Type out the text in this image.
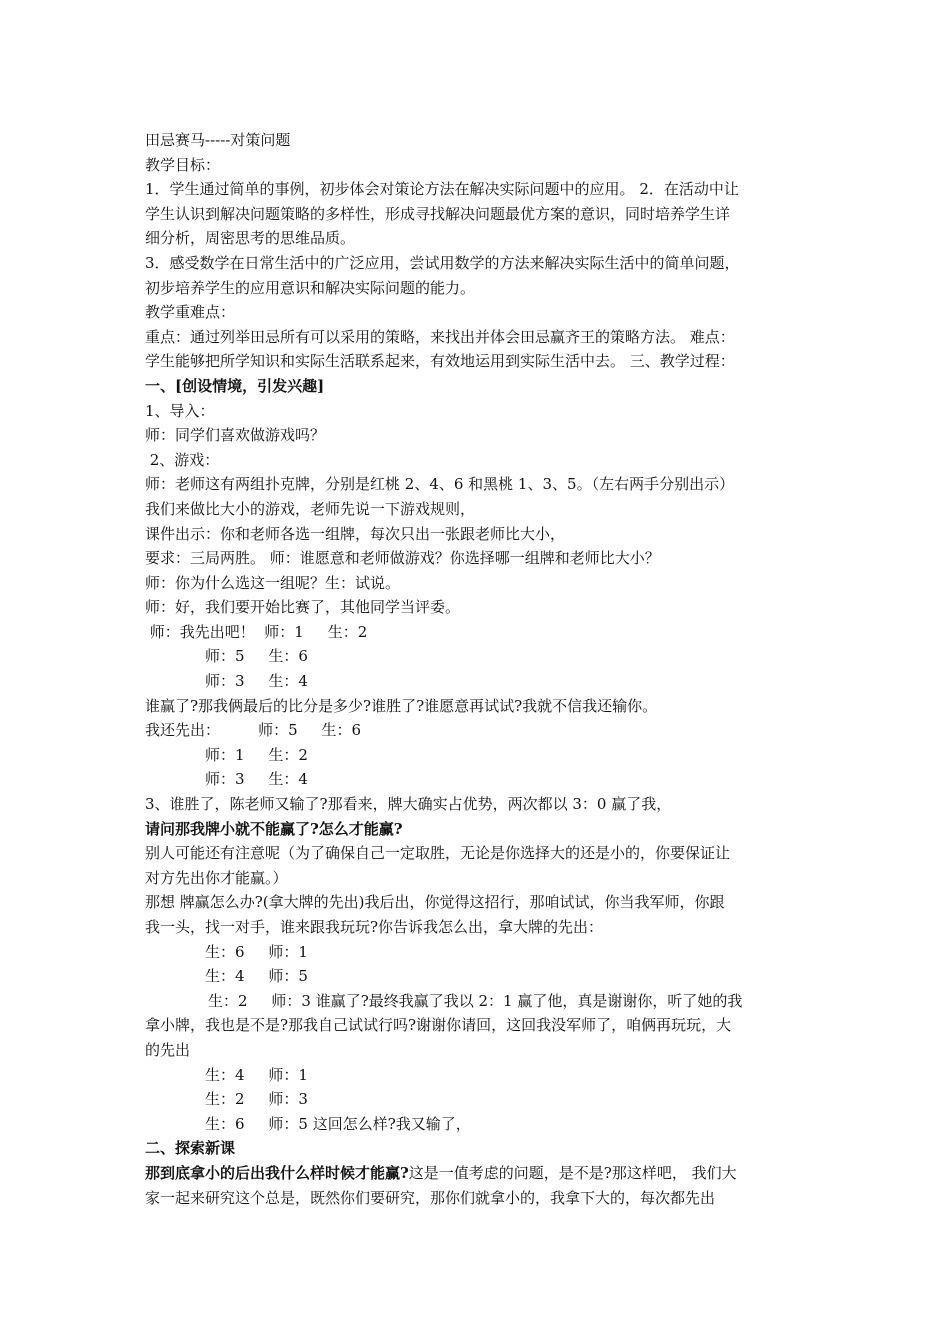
田忌赛马-----对策问题
教学目标：
1．学生通过简单的事例，初步体会对策论方法在解决实际问题中的应用。 2．在活动中让
学生认识到解决问题策略的多样性，形成寻找解决问题最优方案的意识，同时培养学生详
细分析，周密思考的思维品质。
3．感受数学在日常生活中的广泛应用，尝试用数学的方法来解决实际生活中的简单问题，
初步培养学生的应用意识和解决实际问题的能力。
教学重难点：
重点：通过列举田忌所有可以采用的策略，来找出并体会田忌赢齐王的策略方法。 难点：
学生能够把所学知识和实际生活联系起来，有效地运用到实际生活中去。 三、教学过程：
一、[创设情境，引发兴趣]
1、导入：
师：同学们喜欢做游戏吗？
2、游戏：
师：老师这有两组扑克牌，分别是红桃 2、4、6 和黑桃 1、3、5。（左右两手分别出示）
我们来做比大小的游戏，老师先说一下游戏规则，
课件出示：你和老师各选一组牌，每次只出一张跟老师比大小，
要求：三局两胜。 师：谁愿意和老师做游戏？你选择哪一组牌和老师比大小？
师：你为什么选这一组呢？生：试说。
师：好，我们要开始比赛了，其他同学当评委。
师：我先出吧！  师：1     生：2
师：5     生：6
师：3     生：4
谁赢了?那我俩最后的比分是多少?谁胜了?谁愿意再试试?我就不信我还输你。
我还先出：        师：5     生：6
师：1     生：2
师：3     生：4
3、谁胜了，陈老师又输了?那看来，牌大确实占优势，两次都以 3：0 赢了我，
请问那我牌小就不能赢了?怎么才能赢?
别人可能还有注意呢（为了确保自己一定取胜，无论是你选择大的还是小的，你要保证让
对方先出你才能赢。）
那想 牌赢怎么办?(拿大牌的先出)我后出，你觉得这招行，那咱试试，你当我军师，你跟
我一头，找一对手，谁来跟我玩玩?你告诉我怎么出，拿大牌的先出：
生：6     师：1
生：4     师：5
生：2     师：3 谁赢了?最终我赢了我以 2：1 赢了他，真是谢谢你，听了她的我
拿小牌，我也是不是?那我自己试试行吗?谢谢你请回，这回我没军师了，咱俩再玩玩，大
的先出
生：4     师：1
生：2     师：3
生：6     师：5 这回怎么样?我又输了，
二、探索新课
那到底拿小的后出我什么样时候才能赢?这是一值考虑的问题，是不是?那这样吧， 我们大
家一起来研究这个总是，既然你们要研究，那你们就拿小的，我拿下大的，每次都先出
